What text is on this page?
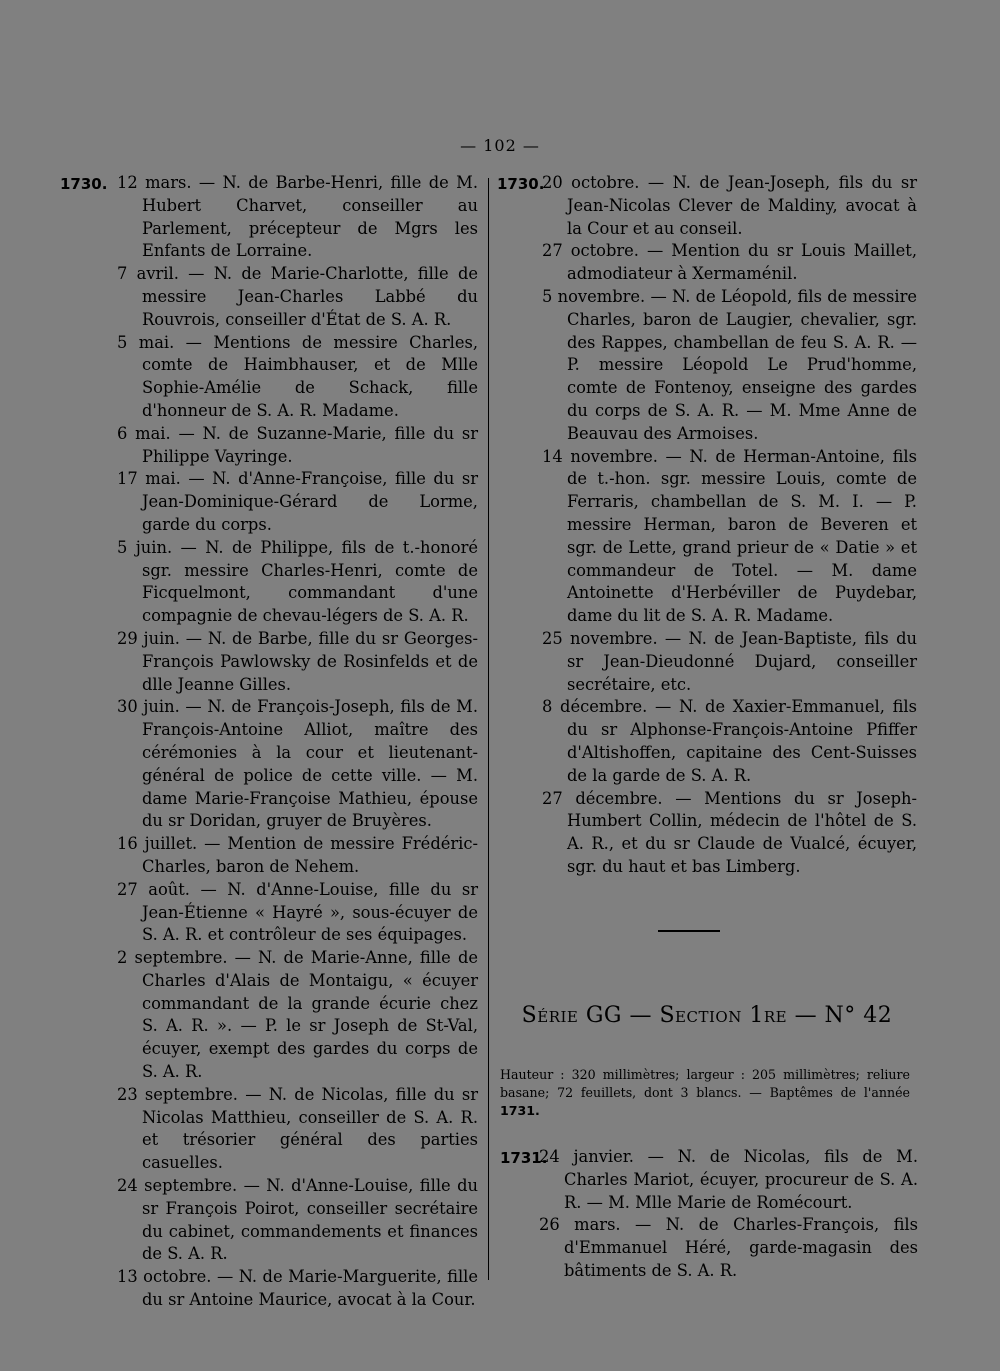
— 102 —

1730. 12 mars. — N. de Barbe-Henri, fille de M. Hubert Charvet, conseiller au Parlement, précepteur de Mgrs les Enfants de Lorraine.

7 avril. — N. de Marie-Charlotte, fille de messire Jean-Charles Labbé du Rouvrois, conseiller d'État de S. A. R.

5 mai. — Mentions de messire Charles, comte de Haimbhauser, et de Mlle Sophie-Amélie de Schack, fille d'honneur de S. A. R. Madame.

6 mai. — N. de Suzanne-Marie, fille du sr Philippe Vayringe.

17 mai. — N. d'Anne-Françoise, fille du sr Jean-Dominique-Gérard de Lorme, garde du corps.

5 juin. — N. de Philippe, fils de t.-honoré sgr. messire Charles-Henri, comte de Ficquelmont, commandant d'une compagnie de chevau-légers de S. A. R.

29 juin. — N. de Barbe, fille du sr Georges-François Pawlowsky de Rosinfelds et de dlle Jeanne Gilles.

30 juin. — N. de François-Joseph, fils de M. François-Antoine Alliot, maître des cérémonies à la cour et lieutenant-général de police de cette ville. — M. dame Marie-Françoise Mathieu, épouse du sr Doridan, gruyer de Bruyères.

16 juillet. — Mention de messire Frédéric-Charles, baron de Nehem.

27 août. — N. d'Anne-Louise, fille du sr Jean-Étienne « Hayré », sous-écuyer de S. A. R. et contrôleur de ses équipages.

2 septembre. — N. de Marie-Anne, fille de Charles d'Alais de Montaigu, « écuyer commandant de la grande écurie chez S. A. R. ». — P. le sr Joseph de St-Val, écuyer, exempt des gardes du corps de S. A. R.

23 septembre. — N. de Nicolas, fille du sr Nicolas Matthieu, conseiller de S. A. R. et trésorier général des parties casuelles.

24 septembre. — N. d'Anne-Louise, fille du sr François Poirot, conseiller secrétaire du cabinet, commandements et finances de S. A. R.

13 octobre. — N. de Marie-Marguerite, fille du sr Antoine Maurice, avocat à la Cour.

1730.
20 octobre. — N. de Jean-Joseph, fils du sr Jean-Nicolas Clever de Maldiny, avocat à la Cour et au conseil.

27 octobre. — Mention du sr Louis Maillet, admodiateur à Xermaménil.

5 novembre. — N. de Léopold, fils de messire Charles, baron de Laugier, chevalier, sgr. des Rappes, chambellan de feu S. A. R. — P. messire Léopold Le Prud'homme, comte de Fontenoy, enseigne des gardes du corps de S. A. R. — M. Mme Anne de Beauvau des Armoises.

14 novembre. — N. de Herman-Antoine, fils de t.-hon. sgr. messire Louis, comte de Ferraris, chambellan de S. M. I. — P. messire Herman, baron de Beveren et sgr. de Lette, grand prieur de « Datie » et commandeur de Totel. — M. dame Antoinette d'Herbéviller de Puydebar, dame du lit de S. A. R. Madame.

25 novembre. — N. de Jean-Baptiste, fils du sr Jean-Dieudonné Dujard, conseiller secrétaire, etc.

8 décembre. — N. de Xaxier-Emmanuel, fils du sr Alphonse-François-Antoine Pfiffer d'Altishoffen, capitaine des Cent-Suisses de la garde de S. A. R.

27 décembre. — Mentions du sr Joseph-Humbert Collin, médecin de l'hôtel de S. A. R., et du sr Claude de Vualcé, écuyer, sgr. du haut et bas Limberg.

Série GG — Section 1re — N° 42
Hauteur : 320 millimètres; largeur : 205 millimètres; reliure basane; 72 feuillets, dont 3 blancs. — Baptêmes de l'année 1731.

1731.
24 janvier. — N. de Nicolas, fils de M. Charles Mariot, écuyer, procureur de S. A. R. — M. Mlle Marie de Romécourt.

26 mars. — N. de Charles-François, fils d'Emmanuel Héré, garde-magasin des bâtiments de S. A. R.
